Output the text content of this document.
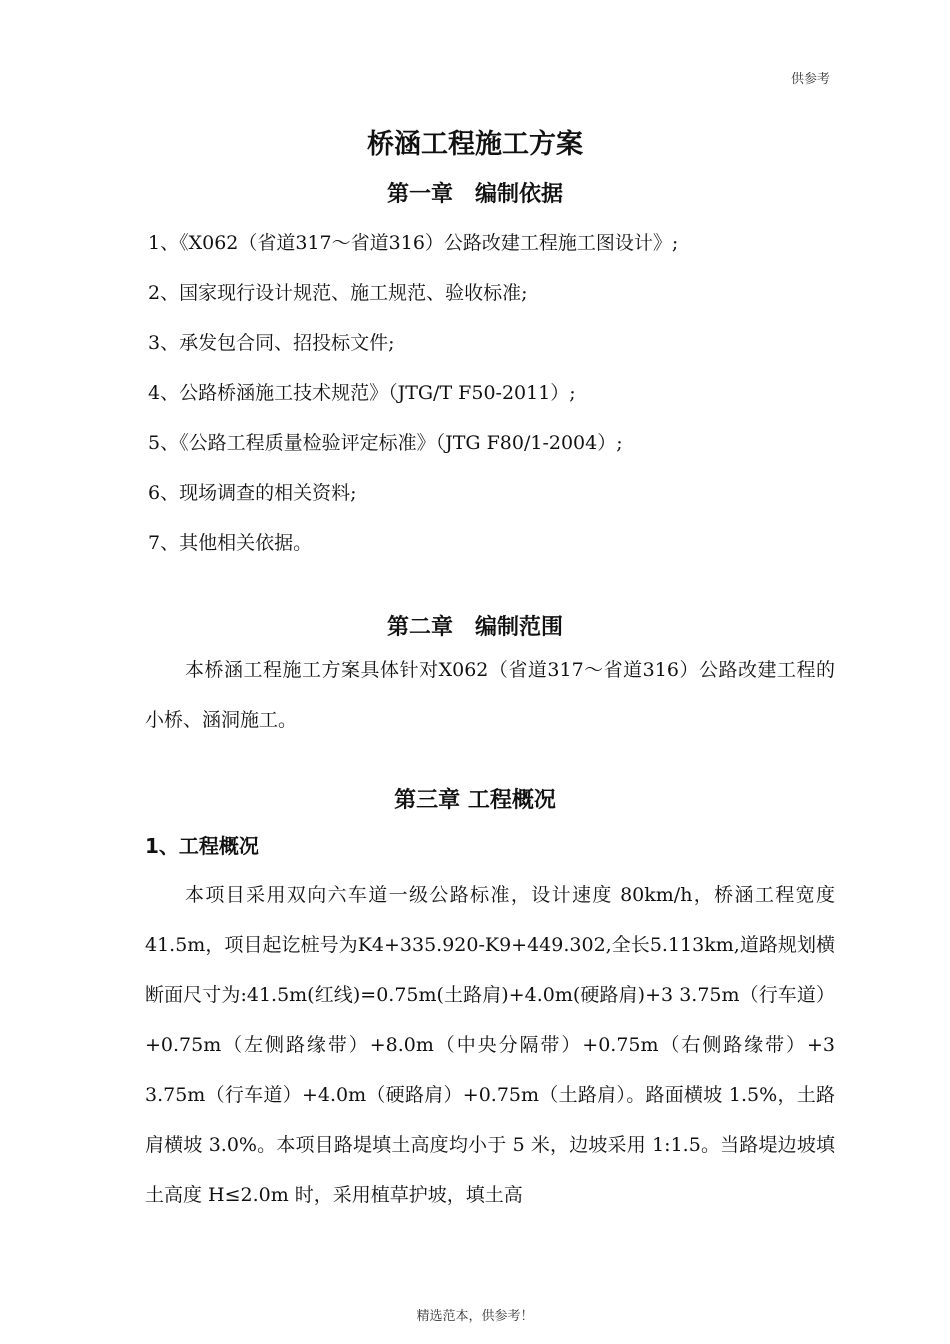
供参考
桥涵工程施工方案
第一章　编制依据
1、《X062（省道317～省道316）公路改建工程施工图设计》;
2、国家现行设计规范、施工规范、验收标准;
3、承发包合同、招投标文件;
4、公路桥涵施工技术规范》（JTG/T F50-2011）;
5、《公路工程质量检验评定标准》（JTG F80/1-2004）;
6、现场调查的相关资料;
7、其他相关依据。
第二章　编制范围
本桥涵工程施工方案具体针对X062（省道317～省道316）公路改建工程的小桥、涵洞施工。
第三章 工程概况
1、工程概况
本项目采用双向六车道一级公路标准，设计速度 80km/h，桥涵工程宽度41.5m，项目起讫桩号为K4+335.920-K9+449.302,全长5.113km,道路规划横断面尺寸为:41.5m(红线)=0.75m(土路肩)+4.0m(硬路肩)+3 3.75m（行车道）+0.75m（左侧路缘带）+8.0m（中央分隔带）+0.75m（右侧路缘带）+3 3.75m（行车道）+4.0m（硬路肩）+0.75m（土路肩）。路面横坡 1.5%，土路肩横坡 3.0%。本项目路堤填土高度均小于 5 米，边坡采用 1:1.5。当路堤边坡填土高度 H≤2.0m 时，采用植草护坡，填土高
精选范本，供参考！
